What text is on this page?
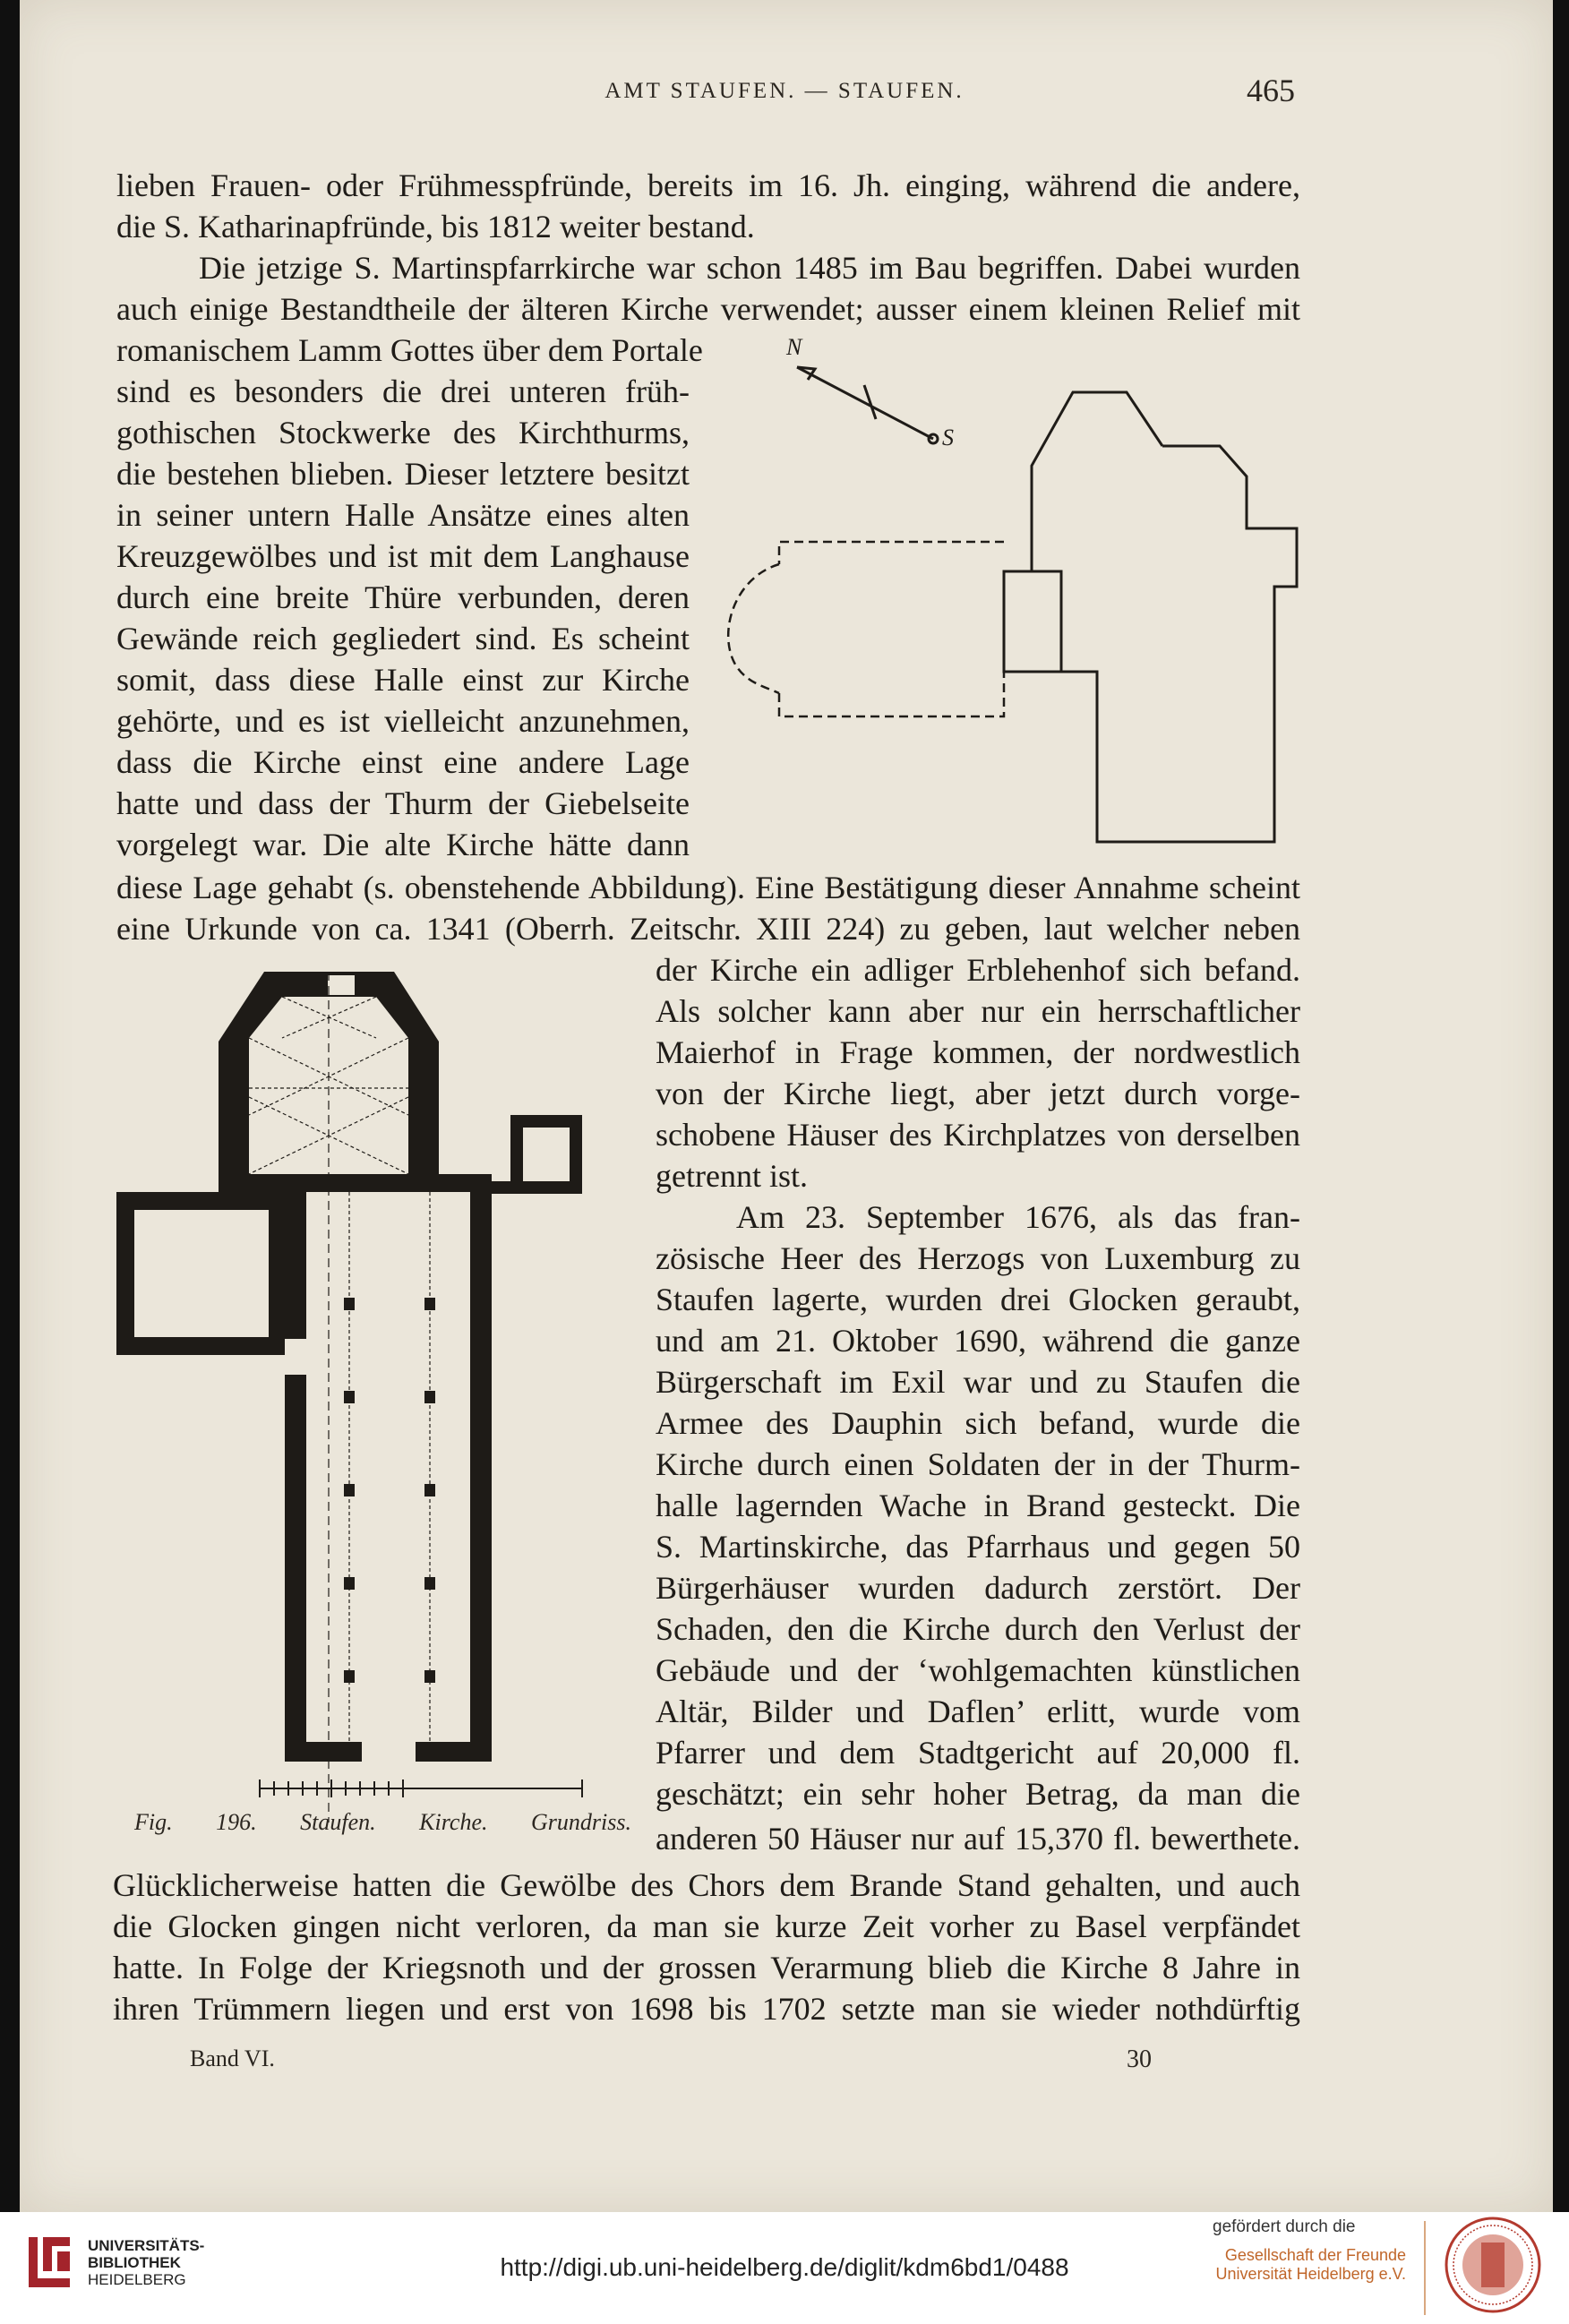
AMT STAUFEN. — STAUFEN.	465
lieben Frauen- oder Frühmesspfründe, bereits im 16. Jh. einging, während die andere,
die S. Katharinapfründe, bis 1812 weiter bestand.
Die jetzige S. Martinspfarrkirche war schon 1485 im Bau begriffen. Dabei wurden
auch einige Bestandtheile der älteren Kirche verwendet; ausser einem kleinen Relief mit
romanischem Lamm Gottes über dem Portale
sind es besonders die drei unteren früh-
gothischen Stockwerke des Kirchthurms,
die bestehen blieben. Dieser letztere besitzt
in seiner untern Halle Ansätze eines alten
Kreuzgewölbes und ist mit dem Langhause
durch eine breite Thüre verbunden, deren
Gewände reich gegliedert sind. Es scheint
somit, dass diese Halle einst zur Kirche
gehörte, und es ist vielleicht anzunehmen,
dass die Kirche einst eine andere Lage
hatte und dass der Thurm der Giebelseite
vorgelegt war. Die alte Kirche hätte dann
diese Lage gehabt (s. obenstehende Abbildung). Eine Bestätigung dieser Annahme scheint
eine Urkunde von ca. 1341 (Oberrh. Zeitschr. XIII 224) zu geben, laut welcher neben
der Kirche ein adliger Erblehenhof sich befand.
Als solcher kann aber nur ein herrschaftlicher
Maierhof in Frage kommen, der nordwestlich
von der Kirche liegt, aber jetzt durch vorge-
schobene Häuser des Kirchplatzes von derselben
getrennt ist.
Am 23. September 1676, als das fran-
zösische Heer des Herzogs von Luxemburg zu
Staufen lagerte, wurden drei Glocken geraubt,
und am 21. Oktober 1690, während die ganze
Bürgerschaft im Exil war und zu Staufen die
Armee des Dauphin sich befand, wurde die
Kirche durch einen Soldaten der in der Thurm-
halle lagernden Wache in Brand gesteckt. Die
S. Martinskirche, das Pfarrhaus und gegen 50
Bürgerhäuser wurden dadurch zerstört. Der
Schaden, den die Kirche durch den Verlust der
Gebäude und der ‘wohlgemachten künstlichen
Altär, Bilder und Daflen’ erlitt, wurde vom
Pfarrer und dem Stadtgericht auf 20,000 fl.
geschätzt; ein sehr hoher Betrag, da man die
anderen 50 Häuser nur auf 15,370 fl. bewerthete.
Glücklicherweise hatten die Gewölbe des Chors dem Brande Stand gehalten, und auch
die Glocken gingen nicht verloren, da man sie kurze Zeit vorher zu Basel verpfändet
hatte. In Folge der Kriegsnoth und der grossen Verarmung blieb die Kirche 8 Jahre in
ihren Trümmern liegen und erst von 1698 bis 1702 setzte man sie wieder nothdürftig
N
S
Fig. 196. Staufen. Kirche. Grundriss.
Band VI.	30
UNIVERSITÄTS-
BIBLIOTHEK
HEIDELBERG	http://digi.ub.uni-heidelberg.de/diglit/kdm6bd1/0488
gefördert durch die
Gesellschaft der Freunde
Universität Heidelberg e.V.
